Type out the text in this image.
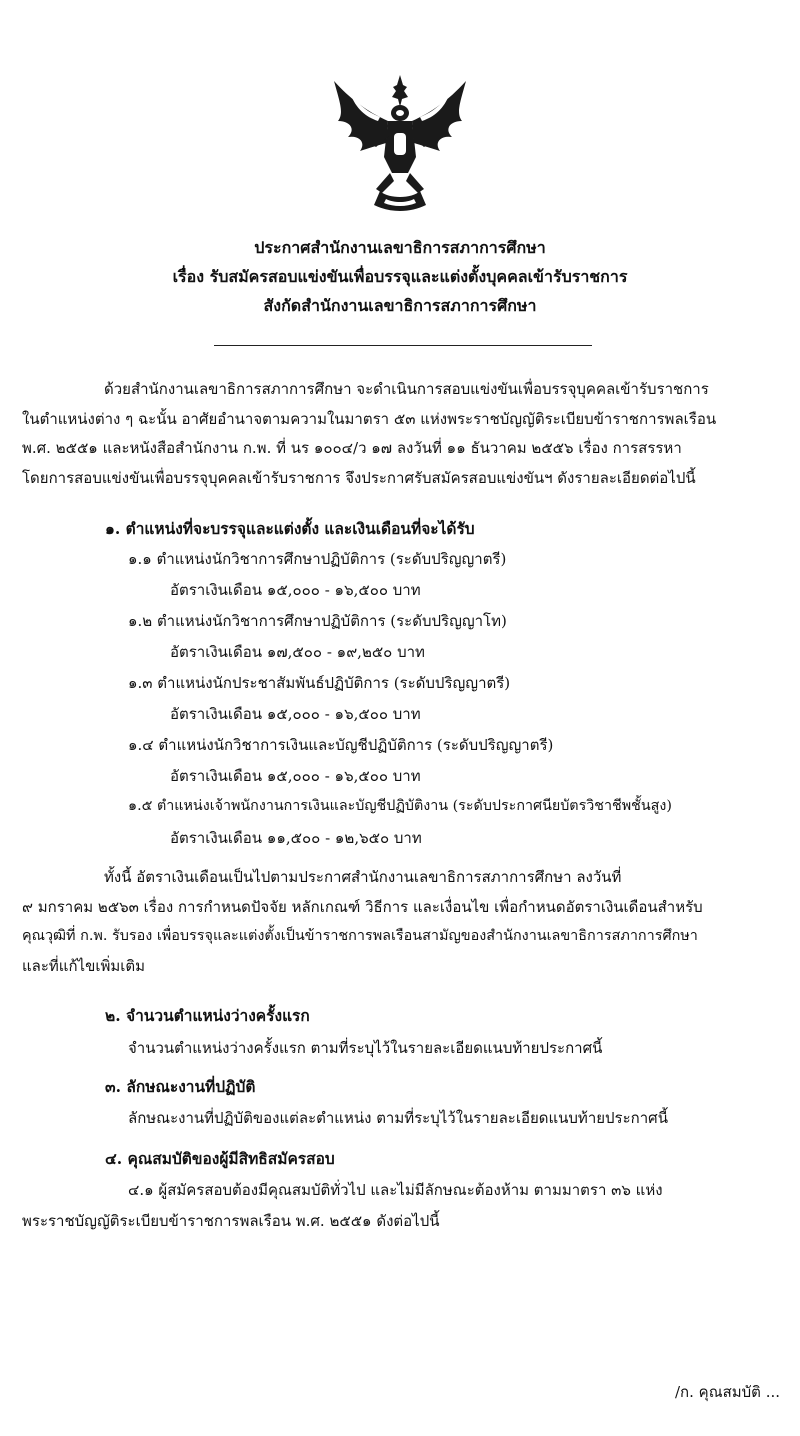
ประกาศสำนักงานเลขาธิการสภาการศึกษา
เรื่อง รับสมัครสอบแข่งขันเพื่อบรรจุและแต่งตั้งบุคคลเข้ารับราชการ
สังกัดสำนักงานเลขาธิการสภาการศึกษา
ด้วยสำนักงานเลขาธิการสภาการศึกษา จะดำเนินการสอบแข่งขันเพื่อบรรจุบุคคลเข้ารับราชการ
ในตำแหน่งต่าง ๆ ฉะนั้น อาศัยอำนาจตามความในมาตรา ๕๓ แห่งพระราชบัญญัติระเบียบข้าราชการพลเรือน
พ.ศ. ๒๕๕๑ และหนังสือสำนักงาน ก.พ. ที่ นร ๑๐๐๔/ว ๑๗ ลงวันที่ ๑๑ ธันวาคม ๒๕๕๖ เรื่อง การสรรหา
โดยการสอบแข่งขันเพื่อบรรจุบุคคลเข้ารับราชการ จึงประกาศรับสมัครสอบแข่งขันฯ ดังรายละเอียดต่อไปนี้
๑. ตำแหน่งที่จะบรรจุและแต่งตั้ง และเงินเดือนที่จะได้รับ
๑.๑ ตำแหน่งนักวิชาการศึกษาปฏิบัติการ (ระดับปริญญาตรี)
อัตราเงินเดือน ๑๕,๐๐๐ - ๑๖,๕๐๐ บาท
๑.๒ ตำแหน่งนักวิชาการศึกษาปฏิบัติการ (ระดับปริญญาโท)
อัตราเงินเดือน ๑๗,๕๐๐ - ๑๙,๒๕๐ บาท
๑.๓ ตำแหน่งนักประชาสัมพันธ์ปฏิบัติการ (ระดับปริญญาตรี)
อัตราเงินเดือน ๑๕,๐๐๐ - ๑๖,๕๐๐ บาท
๑.๔ ตำแหน่งนักวิชาการเงินและบัญชีปฏิบัติการ (ระดับปริญญาตรี)
อัตราเงินเดือน ๑๕,๐๐๐ - ๑๖,๕๐๐ บาท
๑.๕ ตำแหน่งเจ้าพนักงานการเงินและบัญชีปฏิบัติงาน (ระดับประกาศนียบัตรวิชาชีพชั้นสูง)
อัตราเงินเดือน ๑๑,๕๐๐ - ๑๒,๖๕๐ บาท
ทั้งนี้ อัตราเงินเดือนเป็นไปตามประกาศสำนักงานเลขาธิการสภาการศึกษา ลงวันที่
๙ มกราคม ๒๕๖๓ เรื่อง การกำหนดปัจจัย หลักเกณฑ์ วิธีการ และเงื่อนไข เพื่อกำหนดอัตราเงินเดือนสำหรับ
คุณวุฒิที่ ก.พ. รับรอง เพื่อบรรจุและแต่งตั้งเป็นข้าราชการพลเรือนสามัญของสำนักงานเลขาธิการสภาการศึกษา
และที่แก้ไขเพิ่มเติม
๒. จำนวนตำแหน่งว่างครั้งแรก
จำนวนตำแหน่งว่างครั้งแรก ตามที่ระบุไว้ในรายละเอียดแนบท้ายประกาศนี้
๓. ลักษณะงานที่ปฏิบัติ
ลักษณะงานที่ปฏิบัติของแต่ละตำแหน่ง ตามที่ระบุไว้ในรายละเอียดแนบท้ายประกาศนี้
๔. คุณสมบัติของผู้มีสิทธิสมัครสอบ
๔.๑ ผู้สมัครสอบต้องมีคุณสมบัติทั่วไป และไม่มีลักษณะต้องห้าม ตามมาตรา ๓๖ แห่ง
พระราชบัญญัติระเบียบข้าราชการพลเรือน พ.ศ. ๒๕๕๑ ดังต่อไปนี้
/ก. คุณสมบัติ ...
